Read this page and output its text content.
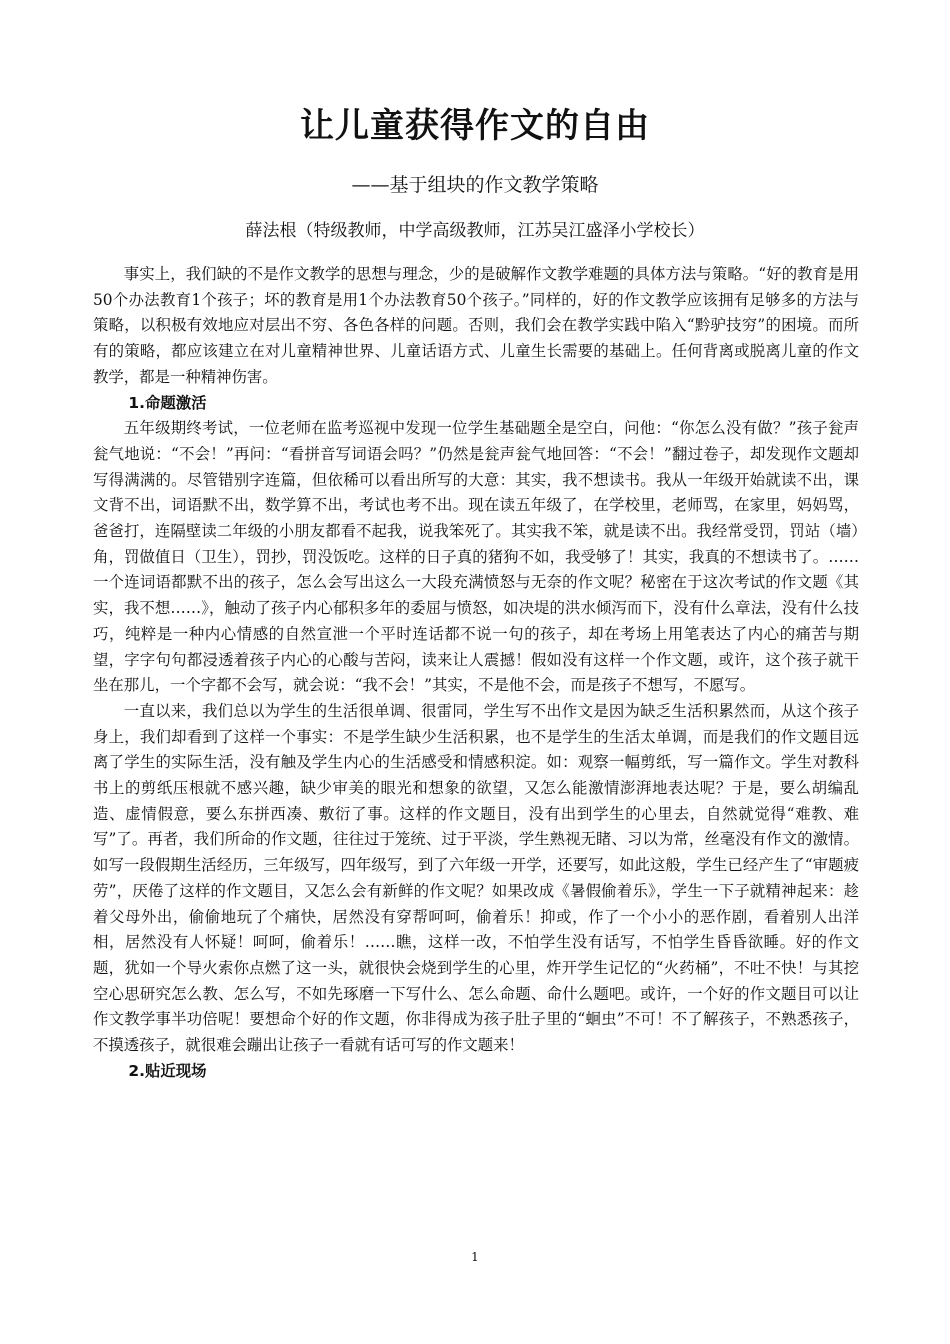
让儿童获得作文的自由
——基于组块的作文教学策略
薛法根（特级教师，中学高级教师，江苏吴江盛泽小学校长）

事实上，我们缺的不是作文教学的思想与理念，少的是破解作文教学难题的具体方法与策略。“好的教育是用50个办法教育1个孩子；坏的教育是用1个办法教育50个孩子。”同样的，好的作文教学应该拥有足够多的方法与策略，以积极有效地应对层出不穷、各色各样的问题。否则，我们会在教学实践中陷入“黔驴技穷”的困境。而所有的策略，都应该建立在对儿童精神世界、儿童话语方式、儿童生长需要的基础上。任何背离或脱离儿童的作文教学，都是一种精神伤害。

1.命题激活

五年级期终考试，一位老师在监考巡视中发现一位学生基础题全是空白，问他：“你怎么没有做？”孩子瓮声瓮气地说：“不会！”再问：“看拼音写词语会吗？”仍然是瓮声瓮气地回答：“不会！”翻过卷子，却发现作文题却写得满满的。尽管错别字连篇，但依稀可以看出所写的大意：其实，我不想读书。我从一年级开始就读不出，课文背不出，词语默不出，数学算不出，考试也考不出。现在读五年级了，在学校里，老师骂，在家里，妈妈骂，爸爸打，连隔壁读二年级的小朋友都看不起我，说我笨死了。其实我不笨，就是读不出。我经常受罚，罚站（墙）角，罚做值日（卫生），罚抄，罚没饭吃。这样的日子真的猪狗不如，我受够了！其实，我真的不想读书了。……一个连词语都默不出的孩子，怎么会写出这么一大段充满愤怒与无奈的作文呢？秘密在于这次考试的作文题《其实，我不想……》，触动了孩子内心郁积多年的委屈与愤怒，如决堤的洪水倾泻而下，没有什么章法，没有什么技巧，纯粹是一种内心情感的自然宣泄一个平时连话都不说一句的孩子，却在考场上用笔表达了内心的痛苦与期望，字字句句都浸透着孩子内心的心酸与苦闷，读来让人震撼！假如没有这样一个作文题，或许，这个孩子就干坐在那儿，一个字都不会写，就会说：“我不会！”其实，不是他不会，而是孩子不想写，不愿写。

一直以来，我们总以为学生的生活很单调、很雷同，学生写不出作文是因为缺乏生活积累然而，从这个孩子身上，我们却看到了这样一个事实：不是学生缺少生活积累，也不是学生的生活太单调，而是我们的作文题目远离了学生的实际生活，没有触及学生内心的生活感受和情感积淀。如：观察一幅剪纸，写一篇作文。学生对教科书上的剪纸压根就不感兴趣，缺少审美的眼光和想象的欲望，又怎么能激情澎湃地表达呢？于是，要么胡编乱造、虚情假意，要么东拼西凑、敷衍了事。这样的作文题目，没有出到学生的心里去，自然就觉得“难教、难写”了。再者，我们所命的作文题，往往过于笼统、过于平淡，学生熟视无睹、习以为常，丝毫没有作文的激情。如写一段假期生活经历，三年级写，四年级写，到了六年级一开学，还要写，如此这般，学生已经产生了“审题疲劳”，厌倦了这样的作文题目，又怎么会有新鲜的作文呢？如果改成《暑假偷着乐》，学生一下子就精神起来：趁着父母外出，偷偷地玩了个痛快，居然没有穿帮呵呵，偷着乐！抑或，作了一个小小的恶作剧，看着别人出洋相，居然没有人怀疑！呵呵，偷着乐！……瞧，这样一改，不怕学生没有话写，不怕学生昏昏欲睡。好的作文题，犹如一个导火索你点燃了这一头，就很快会烧到学生的心里，炸开学生记忆的“火药桶”，不吐不快！与其挖空心思研究怎么教、怎么写，不如先琢磨一下写什么、怎么命题、命什么题吧。或许，一个好的作文题目可以让作文教学事半功倍呢！要想命个好的作文题，你非得成为孩子肚子里的“蛔虫”不可！不了解孩子，不熟悉孩子，不摸透孩子，就很难会蹦出让孩子一看就有话可写的作文题来！

2.贴近现场
1
